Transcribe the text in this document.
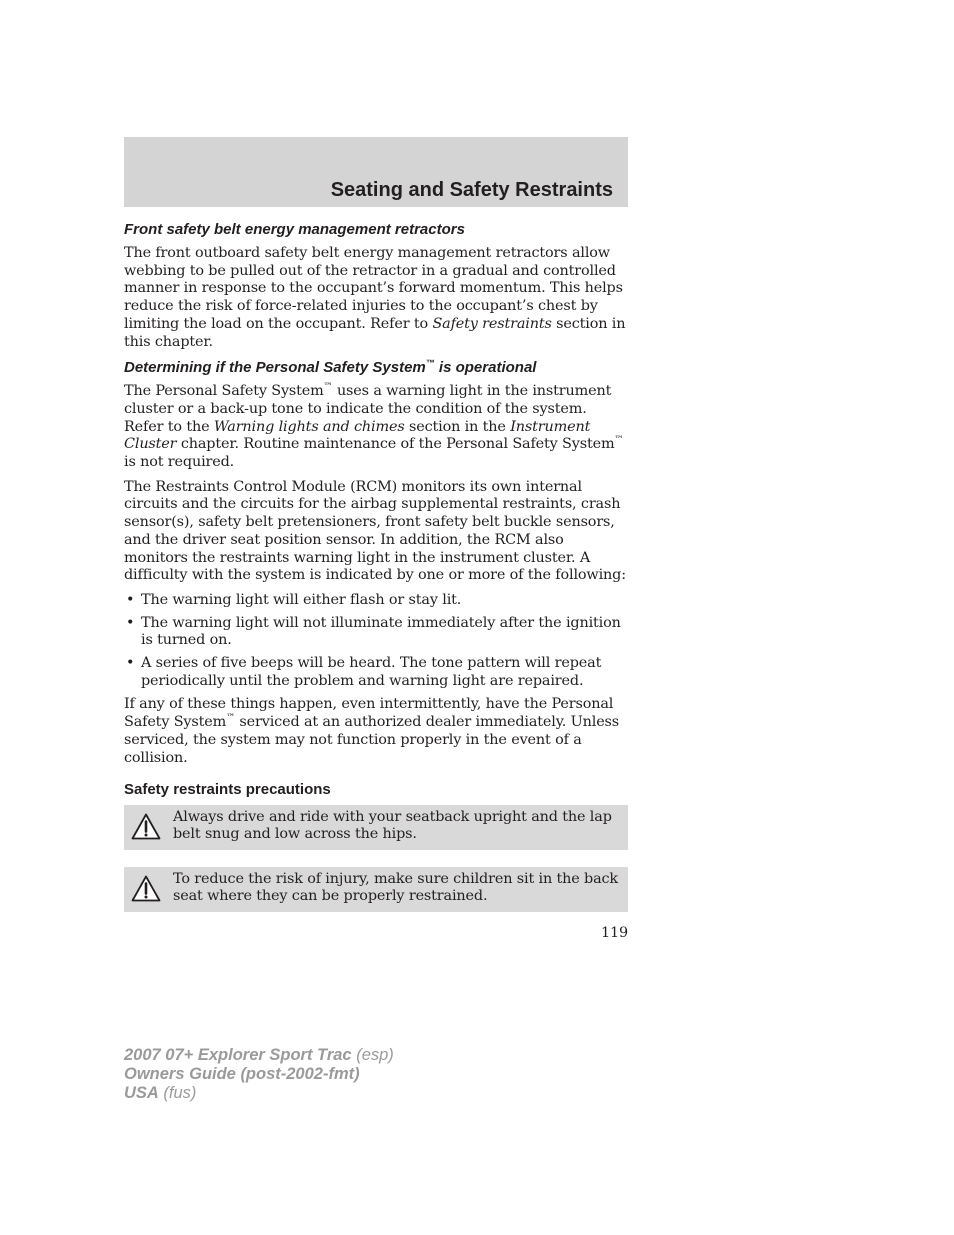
Seating and Safety Restraints
Front safety belt energy management retractors

The front outboard safety belt energy management retractors allow webbing to be pulled out of the retractor in a gradual and controlled manner in response to the occupant’s forward momentum. This helps reduce the risk of force-related injuries to the occupant’s chest by limiting the load on the occupant. Refer to Safety restraints section in this chapter.

Determining if the Personal Safety System™ is operational

The Personal Safety System™ uses a warning light in the instrument cluster or a back-up tone to indicate the condition of the system. Refer to the Warning lights and chimes section in the Instrument Cluster chapter. Routine maintenance of the Personal Safety System™ is not required.

The Restraints Control Module (RCM) monitors its own internal circuits and the circuits for the airbag supplemental restraints, crash sensor(s), safety belt pretensioners, front safety belt buckle sensors, and the driver seat position sensor. In addition, the RCM also monitors the restraints warning light in the instrument cluster. A difficulty with the system is indicated by one or more of the following:

• The warning light will either flash or stay lit.
• The warning light will not illuminate immediately after the ignition is turned on.
• A series of five beeps will be heard. The tone pattern will repeat periodically until the problem and warning light are repaired.

If any of these things happen, even intermittently, have the Personal Safety System™ serviced at an authorized dealer immediately. Unless serviced, the system may not function properly in the event of a collision.

Safety restraints precautions
Always drive and ride with your seatback upright and the lap belt snug and low across the hips.
To reduce the risk of injury, make sure children sit in the back seat where they can be properly restrained.

119

2007 07+ Explorer Sport Trac (esp)
Owners Guide (post-2002-fmt)
USA (fus)
